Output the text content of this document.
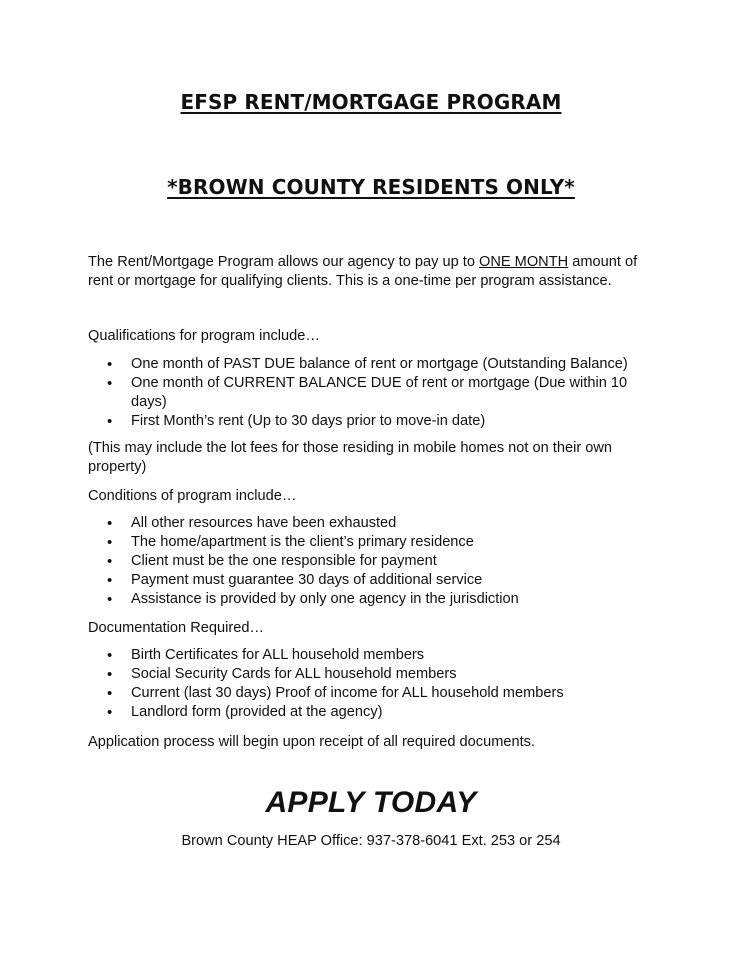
EFSP RENT/MORTGAGE PROGRAM
*BROWN COUNTY RESIDENTS ONLY*

The Rent/Mortgage Program allows our agency to pay up to ONE MONTH amount of rent or mortgage for qualifying clients. This is a one-time per program assistance.

Qualifications for program include…

• One month of PAST DUE balance of rent or mortgage (Outstanding Balance)
• One month of CURRENT BALANCE DUE of rent or mortgage (Due within 10 days)
• First Month’s rent (Up to 30 days prior to move-in date)

(This may include the lot fees for those residing in mobile homes not on their own property)

Conditions of program include…

• All other resources have been exhausted
• The home/apartment is the client’s primary residence
• Client must be the one responsible for payment
• Payment must guarantee 30 days of additional service
• Assistance is provided by only one agency in the jurisdiction

Documentation Required…

• Birth Certificates for ALL household members
• Social Security Cards for ALL household members
• Current (last 30 days) Proof of income for ALL household members
• Landlord form (provided at the agency)

Application process will begin upon receipt of all required documents.

APPLY TODAY
Brown County HEAP Office: 937-378-6041 Ext. 253 or 254
